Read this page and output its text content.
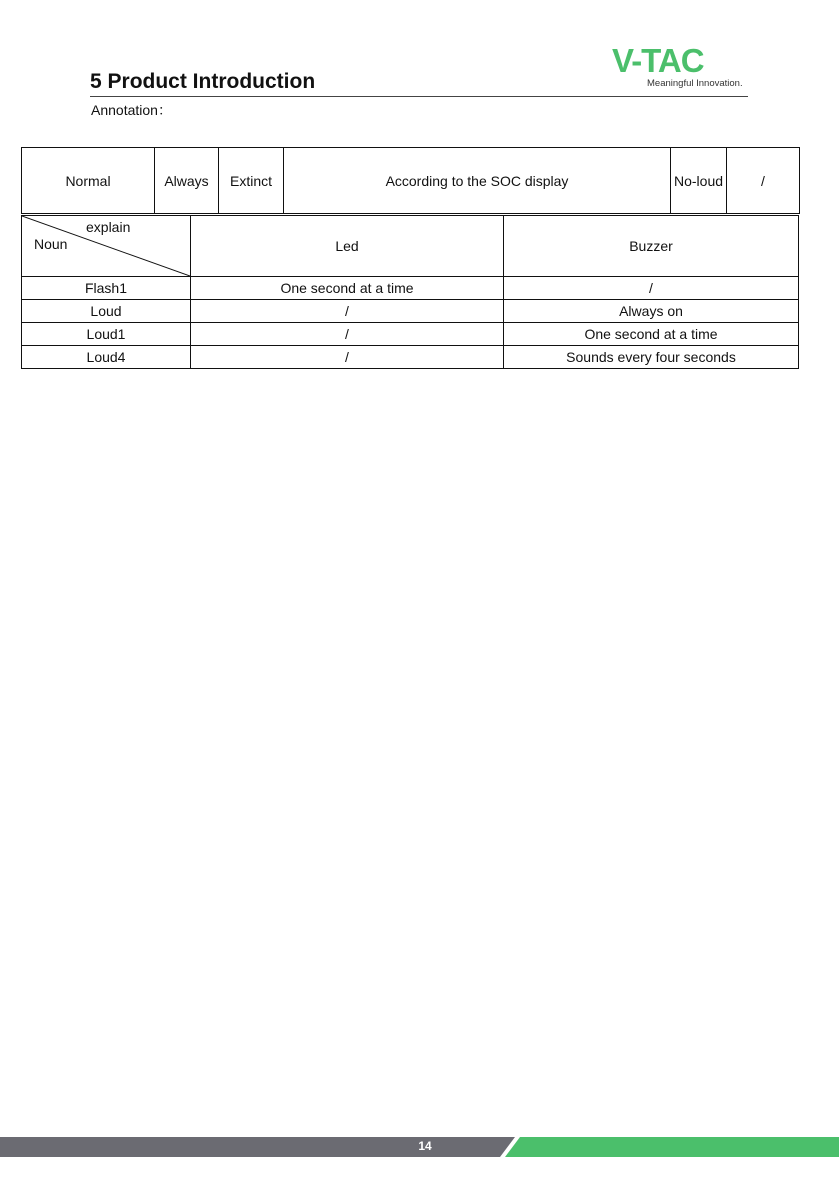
V-TAC
Meaningful Innovation.
5 Product Introduction
Annotation：
Normal	Always	Extinct	According to the SOC display	No-loud	/
explain
Noun	Led	Buzzer
Flash1	One second at a time	/
Loud	/	Always on
Loud1	/	One second at a time
Loud4	/	Sounds every four seconds
14
